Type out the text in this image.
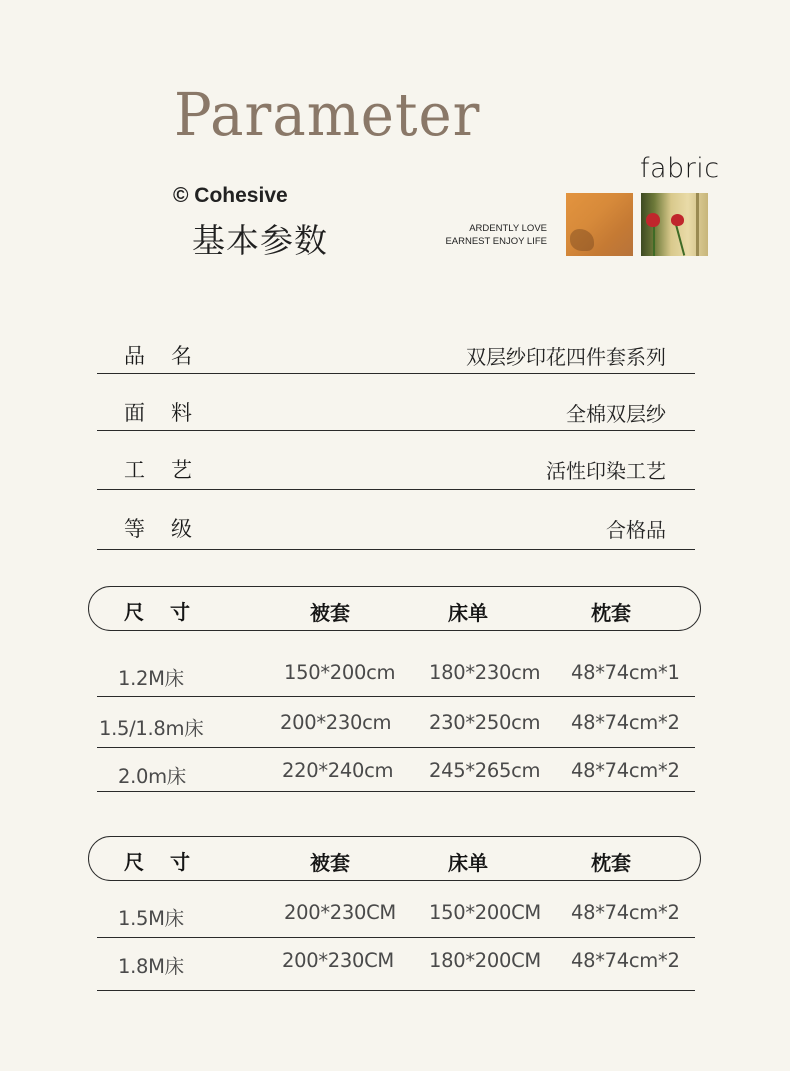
Parameter
© Cohesive
基本参数
fabric
ARDENTLY LOVE
EARNEST ENJOY LIFE
品 名	双层纱印花四件套系列
面 料	全棉双层纱
工 艺	活性印染工艺
等 级	合格品
尺 寸	被套	床单	枕套
1.2M床	150*200cm 180*230cm 48*74cm*1
1.5/1.8m床	200*230cm 230*250cm 48*74cm*2
2.0m床	220*240cm 245*265cm 48*74cm*2
尺 寸	被套	床单	枕套
1.5M床	200*230CM 150*200CM 48*74cm*2
1.8M床	200*230CM 180*200CM 48*74cm*2
